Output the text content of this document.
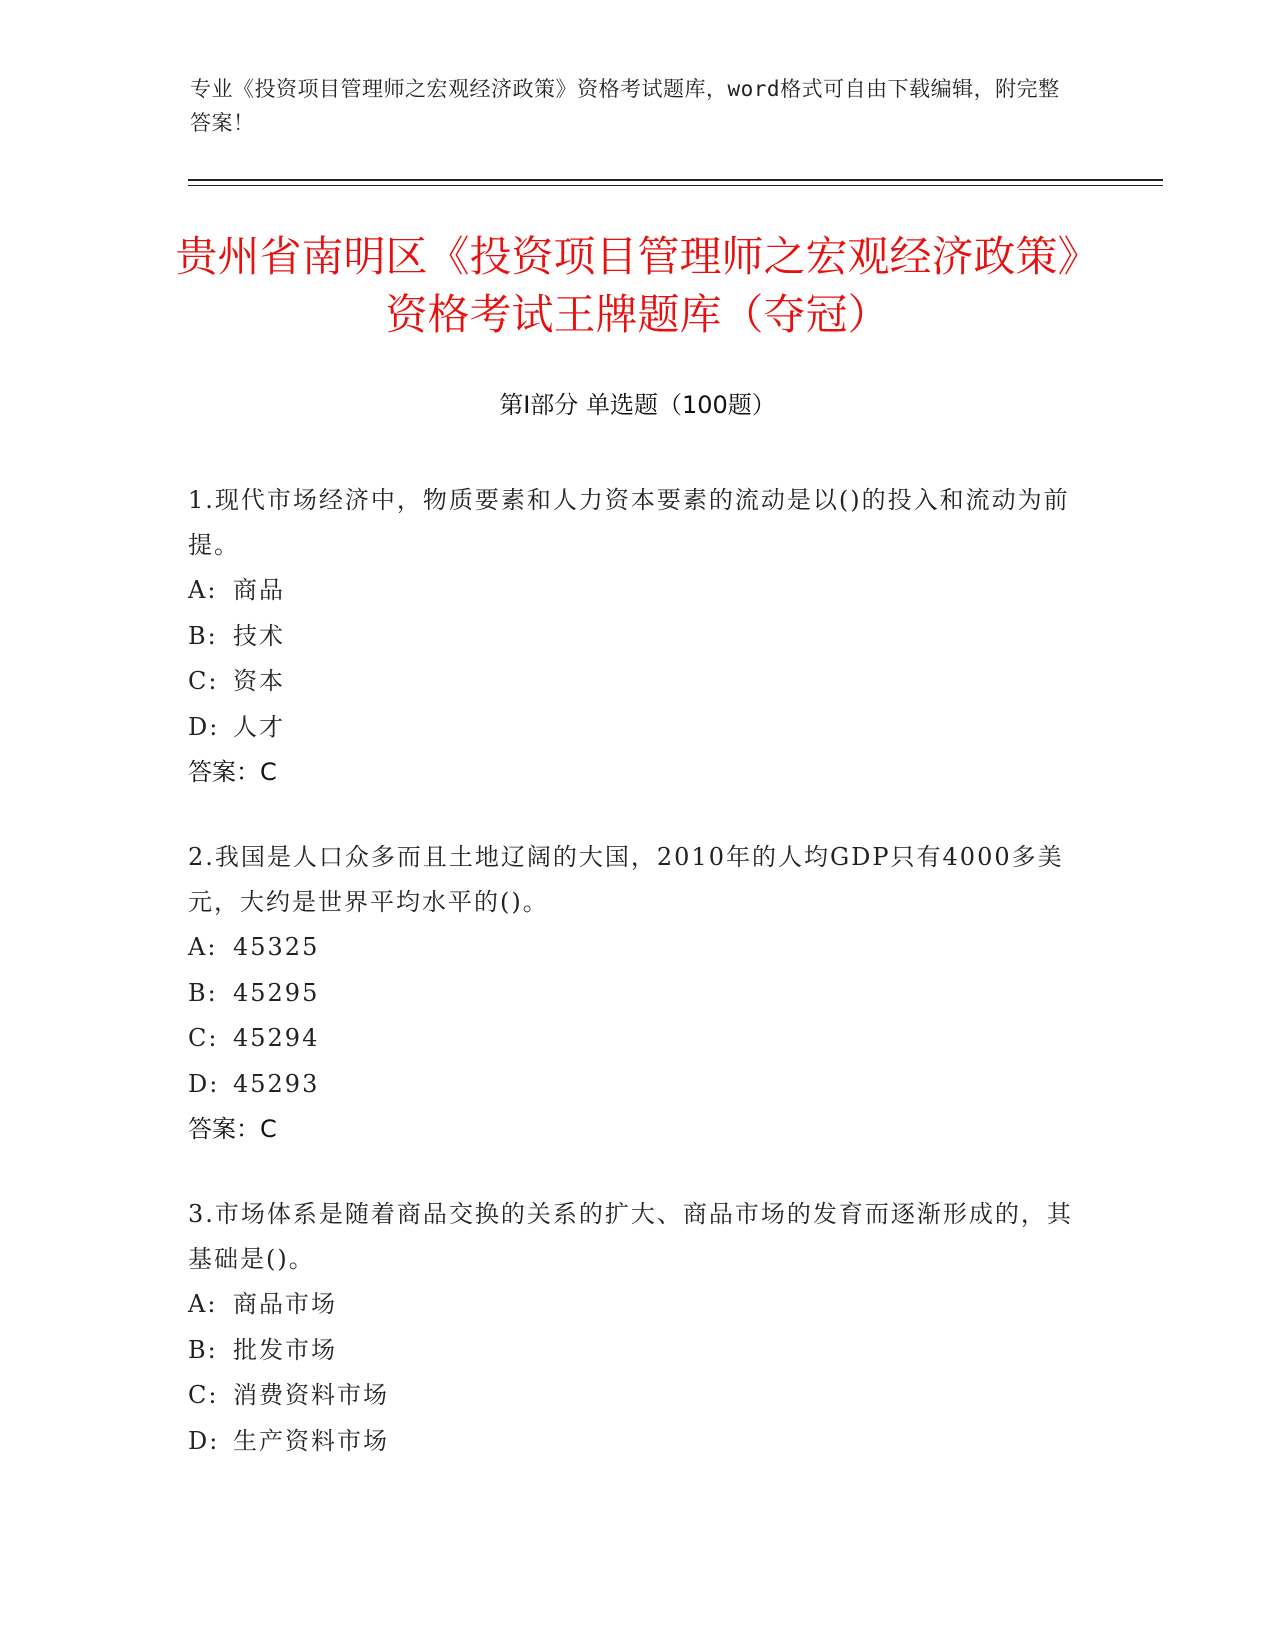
专业《投资项目管理师之宏观经济政策》资格考试题库，word格式可自由下载编辑，附完整答案！
贵州省南明区《投资项目管理师之宏观经济政策》资格考试王牌题库（夺冠）
第Ⅰ部分 单选题（100题）
1.现代市场经济中，物质要素和人力资本要素的流动是以()的投入和流动为前提。
A: 商品
B: 技术
C: 资本
D: 人才
答案：C
2.我国是人口众多而且土地辽阔的大国，2010年的人均GDP只有4000多美元，大约是世界平均水平的()。
A: 45325
B: 45295
C: 45294
D: 45293
答案：C
3.市场体系是随着商品交换的关系的扩大、商品市场的发育而逐渐形成的，其基础是()。
A: 商品市场
B: 批发市场
C: 消费资料市场
D: 生产资料市场
